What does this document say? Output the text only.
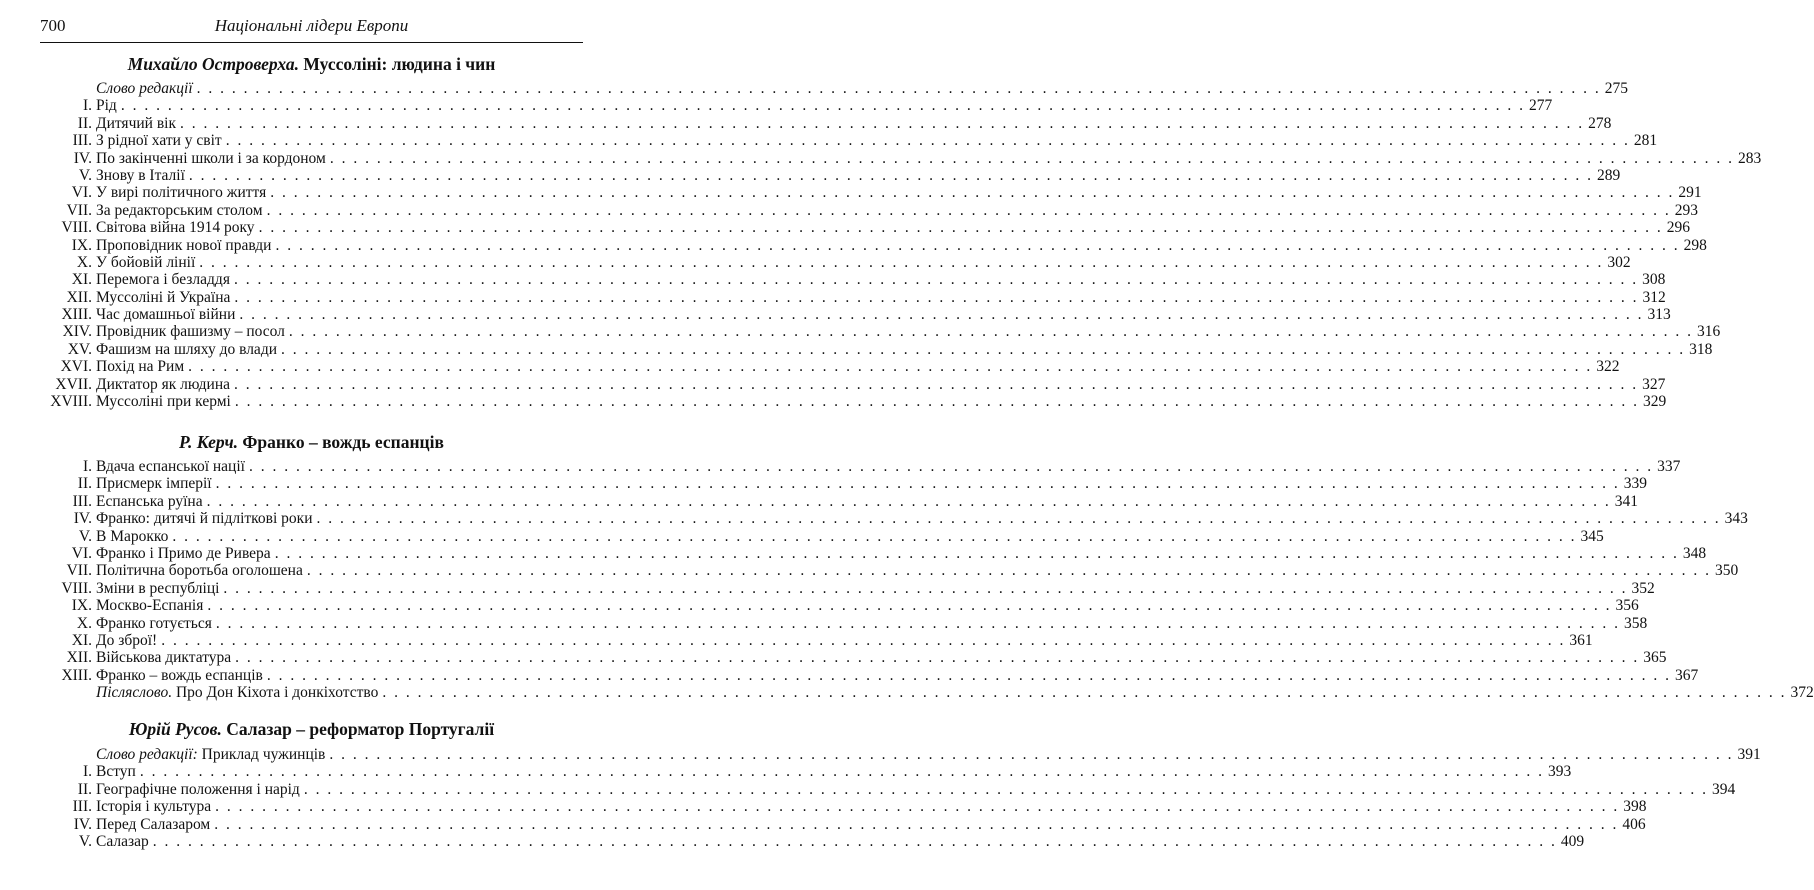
700	Національні лідери Европи
Михайло Островерха. Муссоліні: людина і чин
Слово редакції . . . . . . . . . . . . . . . . . . . . . . . . . . . . . . . . . . . . . . . . . . . . . . . . . . . . . . . . . . . . . . . . . . . . . . . . . . . . . . . . . . . . . . . . . . . . . . . . . . . . . . . . . . . . . . . . . . . . . . . . 275
I. Рід . . . . . . . . . . . . . . . . . . . . . . . . . . . . . . . . . . . . . . . . . . . . . . . . . . . . . . . . . . . . . . . . . . . . . . . . . . . . . . . . . . . . . . . . . . . . . . . . . . . . . . . . . . . . . . . . . . . . . . . . 277
II. Дитячий вік . . . . . . . . . . . . . . . . . . . . . . . . . . . . . . . . . . . . . . . . . . . . . . . . . . . . . . . . . . . . . . . . . . . . . . . . . . . . . . . . . . . . . . . . . . . . . . . . . . . . . . . . . . . . . . . . . . . . . . . . 278
III. З рідної хати у світ . . . . . . . . . . . . . . . . . . . . . . . . . . . . . . . . . . . . . . . . . . . . . . . . . . . . . . . . . . . . . . . . . . . . . . . . . . . . . . . . . . . . . . . . . . . . . . . . . . . . . . . . . . . . . . . . . . . . . . . . 281
IV. По закінченні школи і за кордоном . . . . . . . . . . . . . . . . . . . . . . . . . . . . . . . . . . . . . . . . . . . . . . . . . . . . . . . . . . . . . . . . . . . . . . . . . . . . . . . . . . . . . . . . . . . . . . . . . . . . . . . . . . . . . . . . . . . . . . . . 283
V. Знову в Італії . . . . . . . . . . . . . . . . . . . . . . . . . . . . . . . . . . . . . . . . . . . . . . . . . . . . . . . . . . . . . . . . . . . . . . . . . . . . . . . . . . . . . . . . . . . . . . . . . . . . . . . . . . . . . . . . . . . . . . . . 289
VI. У вирі політичного життя . . . . . . . . . . . . . . . . . . . . . . . . . . . . . . . . . . . . . . . . . . . . . . . . . . . . . . . . . . . . . . . . . . . . . . . . . . . . . . . . . . . . . . . . . . . . . . . . . . . . . . . . . . . . . . . . . . . . . . . . 291
VII. За редакторським столом . . . . . . . . . . . . . . . . . . . . . . . . . . . . . . . . . . . . . . . . . . . . . . . . . . . . . . . . . . . . . . . . . . . . . . . . . . . . . . . . . . . . . . . . . . . . . . . . . . . . . . . . . . . . . . . . . . . . . . . . 293
VIII. Світова війна 1914 року . . . . . . . . . . . . . . . . . . . . . . . . . . . . . . . . . . . . . . . . . . . . . . . . . . . . . . . . . . . . . . . . . . . . . . . . . . . . . . . . . . . . . . . . . . . . . . . . . . . . . . . . . . . . . . . . . . . . . . . . 296
IX. Проповідник нової правди . . . . . . . . . . . . . . . . . . . . . . . . . . . . . . . . . . . . . . . . . . . . . . . . . . . . . . . . . . . . . . . . . . . . . . . . . . . . . . . . . . . . . . . . . . . . . . . . . . . . . . . . . . . . . . . . . . . . . . . . 298
X. У бойовій лінії . . . . . . . . . . . . . . . . . . . . . . . . . . . . . . . . . . . . . . . . . . . . . . . . . . . . . . . . . . . . . . . . . . . . . . . . . . . . . . . . . . . . . . . . . . . . . . . . . . . . . . . . . . . . . . . . . . . . . . . . 302
XI. Перемога і безладдя . . . . . . . . . . . . . . . . . . . . . . . . . . . . . . . . . . . . . . . . . . . . . . . . . . . . . . . . . . . . . . . . . . . . . . . . . . . . . . . . . . . . . . . . . . . . . . . . . . . . . . . . . . . . . . . . . . . . . . . . 308
XII. Муссоліні й Україна . . . . . . . . . . . . . . . . . . . . . . . . . . . . . . . . . . . . . . . . . . . . . . . . . . . . . . . . . . . . . . . . . . . . . . . . . . . . . . . . . . . . . . . . . . . . . . . . . . . . . . . . . . . . . . . . . . . . . . . . 312
XIII. Час домашньої війни . . . . . . . . . . . . . . . . . . . . . . . . . . . . . . . . . . . . . . . . . . . . . . . . . . . . . . . . . . . . . . . . . . . . . . . . . . . . . . . . . . . . . . . . . . . . . . . . . . . . . . . . . . . . . . . . . . . . . . . . 313
XIV. Провідник фашизму – посол . . . . . . . . . . . . . . . . . . . . . . . . . . . . . . . . . . . . . . . . . . . . . . . . . . . . . . . . . . . . . . . . . . . . . . . . . . . . . . . . . . . . . . . . . . . . . . . . . . . . . . . . . . . . . . . . . . . . . . . . 316
XV. Фашизм на шляху до влади . . . . . . . . . . . . . . . . . . . . . . . . . . . . . . . . . . . . . . . . . . . . . . . . . . . . . . . . . . . . . . . . . . . . . . . . . . . . . . . . . . . . . . . . . . . . . . . . . . . . . . . . . . . . . . . . . . . . . . . . 318
XVI. Похід на Рим . . . . . . . . . . . . . . . . . . . . . . . . . . . . . . . . . . . . . . . . . . . . . . . . . . . . . . . . . . . . . . . . . . . . . . . . . . . . . . . . . . . . . . . . . . . . . . . . . . . . . . . . . . . . . . . . . . . . . . . . 322
XVII. Диктатор як людина . . . . . . . . . . . . . . . . . . . . . . . . . . . . . . . . . . . . . . . . . . . . . . . . . . . . . . . . . . . . . . . . . . . . . . . . . . . . . . . . . . . . . . . . . . . . . . . . . . . . . . . . . . . . . . . . . . . . . . . . 327
XVIII. Муссоліні при кермі . . . . . . . . . . . . . . . . . . . . . . . . . . . . . . . . . . . . . . . . . . . . . . . . . . . . . . . . . . . . . . . . . . . . . . . . . . . . . . . . . . . . . . . . . . . . . . . . . . . . . . . . . . . . . . . . . . . . . . . . 329
Р. Керч. Франко – вождь еспанців
I. Вдача еспанської нації . . . . . . . . . . . . . . . . . . . . . . . . . . . . . . . . . . . . . . . . . . . . . . . . . . . . . . . . . . . . . . . . . . . . . . . . . . . . . . . . . . . . . . . . . . . . . . . . . . . . . . . . . . . . . . . . . . . . . . . . 337
II. Присмерк імперії . . . . . . . . . . . . . . . . . . . . . . . . . . . . . . . . . . . . . . . . . . . . . . . . . . . . . . . . . . . . . . . . . . . . . . . . . . . . . . . . . . . . . . . . . . . . . . . . . . . . . . . . . . . . . . . . . . . . . . . . 339
III. Еспанська руїна . . . . . . . . . . . . . . . . . . . . . . . . . . . . . . . . . . . . . . . . . . . . . . . . . . . . . . . . . . . . . . . . . . . . . . . . . . . . . . . . . . . . . . . . . . . . . . . . . . . . . . . . . . . . . . . . . . . . . . . . 341
IV. Франко: дитячі й підліткові роки . . . . . . . . . . . . . . . . . . . . . . . . . . . . . . . . . . . . . . . . . . . . . . . . . . . . . . . . . . . . . . . . . . . . . . . . . . . . . . . . . . . . . . . . . . . . . . . . . . . . . . . . . . . . . . . . . . . . . . . . 343
V. В Марокко . . . . . . . . . . . . . . . . . . . . . . . . . . . . . . . . . . . . . . . . . . . . . . . . . . . . . . . . . . . . . . . . . . . . . . . . . . . . . . . . . . . . . . . . . . . . . . . . . . . . . . . . . . . . . . . . . . . . . . . . 345
VI. Франко і Примо де Ривера . . . . . . . . . . . . . . . . . . . . . . . . . . . . . . . . . . . . . . . . . . . . . . . . . . . . . . . . . . . . . . . . . . . . . . . . . . . . . . . . . . . . . . . . . . . . . . . . . . . . . . . . . . . . . . . . . . . . . . . . 348
VII. Політична боротьба оголошена . . . . . . . . . . . . . . . . . . . . . . . . . . . . . . . . . . . . . . . . . . . . . . . . . . . . . . . . . . . . . . . . . . . . . . . . . . . . . . . . . . . . . . . . . . . . . . . . . . . . . . . . . . . . . . . . . . . . . . . . 350
VIII. Зміни в республіці . . . . . . . . . . . . . . . . . . . . . . . . . . . . . . . . . . . . . . . . . . . . . . . . . . . . . . . . . . . . . . . . . . . . . . . . . . . . . . . . . . . . . . . . . . . . . . . . . . . . . . . . . . . . . . . . . . . . . . . . 352
IX. Москво-Еспанія . . . . . . . . . . . . . . . . . . . . . . . . . . . . . . . . . . . . . . . . . . . . . . . . . . . . . . . . . . . . . . . . . . . . . . . . . . . . . . . . . . . . . . . . . . . . . . . . . . . . . . . . . . . . . . . . . . . . . . . . 356
X. Франко готується . . . . . . . . . . . . . . . . . . . . . . . . . . . . . . . . . . . . . . . . . . . . . . . . . . . . . . . . . . . . . . . . . . . . . . . . . . . . . . . . . . . . . . . . . . . . . . . . . . . . . . . . . . . . . . . . . . . . . . . . 358
XI. До зброї! . . . . . . . . . . . . . . . . . . . . . . . . . . . . . . . . . . . . . . . . . . . . . . . . . . . . . . . . . . . . . . . . . . . . . . . . . . . . . . . . . . . . . . . . . . . . . . . . . . . . . . . . . . . . . . . . . . . . . . . . 361
XII. Військова диктатура . . . . . . . . . . . . . . . . . . . . . . . . . . . . . . . . . . . . . . . . . . . . . . . . . . . . . . . . . . . . . . . . . . . . . . . . . . . . . . . . . . . . . . . . . . . . . . . . . . . . . . . . . . . . . . . . . . . . . . . . 365
XIII. Франко – вождь еспанців . . . . . . . . . . . . . . . . . . . . . . . . . . . . . . . . . . . . . . . . . . . . . . . . . . . . . . . . . . . . . . . . . . . . . . . . . . . . . . . . . . . . . . . . . . . . . . . . . . . . . . . . . . . . . . . . . . . . . . . . 367
Післяслово. Про Дон Кіхота і донкіхотство . . . . . . . . . . . . . . . . . . . . . . . . . . . . . . . . . . . . . . . . . . . . . . . . . . . . . . . . . . . . . . . . . . . . . . . . . . . . . . . . . . . . . . . . . . . . . . . . . . . . . . . . . . . . . . . . . . . . . . . . 372
Юрій Русов. Салазар – реформатор Португалії
Слово редакції: Приклад чужинців . . . . . . . . . . . . . . . . . . . . . . . . . . . . . . . . . . . . . . . . . . . . . . . . . . . . . . . . . . . . . . . . . . . . . . . . . . . . . . . . . . . . . . . . . . . . . . . . . . . . . . . . . . . . . . . . . . . . . . . . 391
I. Вступ . . . . . . . . . . . . . . . . . . . . . . . . . . . . . . . . . . . . . . . . . . . . . . . . . . . . . . . . . . . . . . . . . . . . . . . . . . . . . . . . . . . . . . . . . . . . . . . . . . . . . . . . . . . . . . . . . . . . . . . . 393
II. Географічне положення і нарід . . . . . . . . . . . . . . . . . . . . . . . . . . . . . . . . . . . . . . . . . . . . . . . . . . . . . . . . . . . . . . . . . . . . . . . . . . . . . . . . . . . . . . . . . . . . . . . . . . . . . . . . . . . . . . . . . . . . . . . . 394
III. Історія і культура . . . . . . . . . . . . . . . . . . . . . . . . . . . . . . . . . . . . . . . . . . . . . . . . . . . . . . . . . . . . . . . . . . . . . . . . . . . . . . . . . . . . . . . . . . . . . . . . . . . . . . . . . . . . . . . . . . . . . . . . 398
IV. Перед Салазаром . . . . . . . . . . . . . . . . . . . . . . . . . . . . . . . . . . . . . . . . . . . . . . . . . . . . . . . . . . . . . . . . . . . . . . . . . . . . . . . . . . . . . . . . . . . . . . . . . . . . . . . . . . . . . . . . . . . . . . . . 406
V. Салазар . . . . . . . . . . . . . . . . . . . . . . . . . . . . . . . . . . . . . . . . . . . . . . . . . . . . . . . . . . . . . . . . . . . . . . . . . . . . . . . . . . . . . . . . . . . . . . . . . . . . . . . . . . . . . . . . . . . . . . . . 409
